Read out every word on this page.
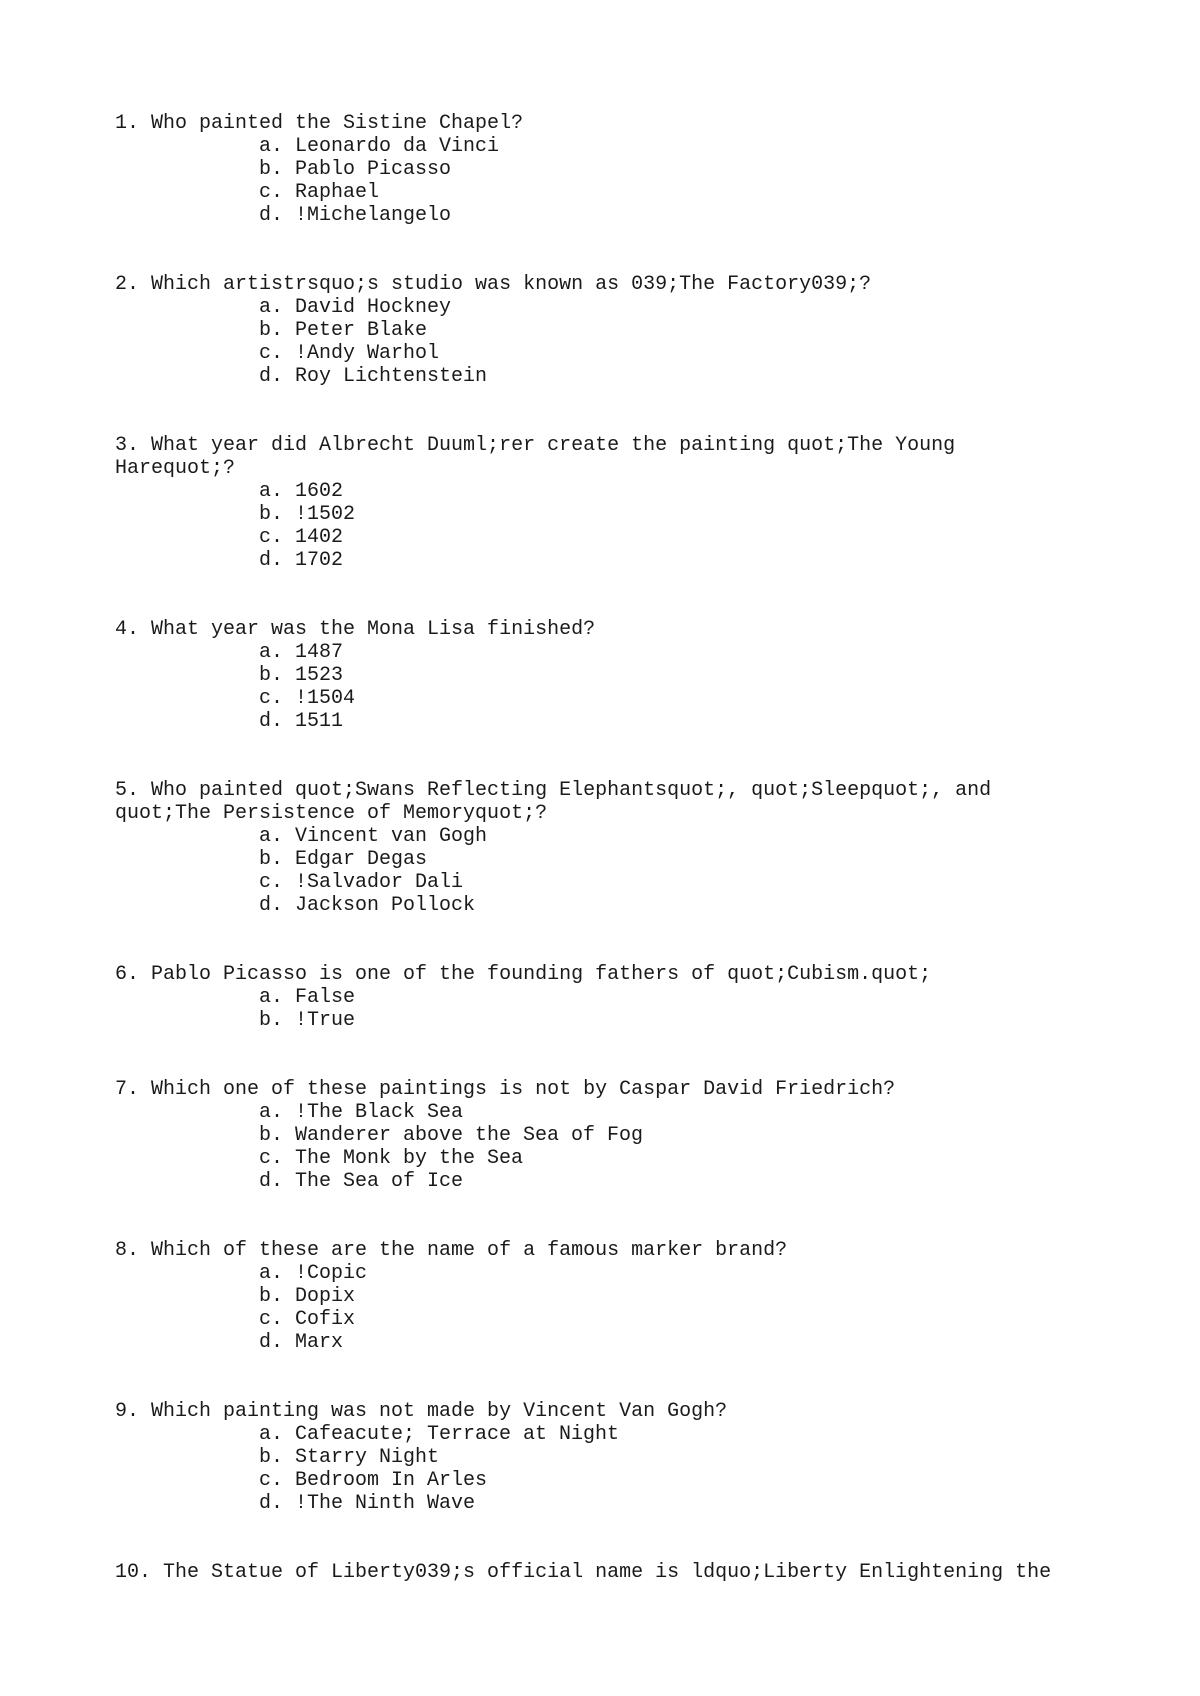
1. Who painted the Sistine Chapel?
a. Leonardo da Vinci
b. Pablo Picasso
c. Raphael
d. !Michelangelo
2. Which artistrsquo;s studio was known as 039;The Factory039;?
a. David Hockney
b. Peter Blake
c. !Andy Warhol
d. Roy Lichtenstein
3. What year did Albrecht Duuml;rer create the painting quot;The Young Harequot;?
a. 1602
b. !1502
c. 1402
d. 1702
4. What year was the Mona Lisa finished?
a. 1487
b. 1523
c. !1504
d. 1511
5. Who painted quot;Swans Reflecting Elephantsquot;, quot;Sleepquot;, and quot;The Persistence of Memoryquot;?
a. Vincent van Gogh
b. Edgar Degas
c. !Salvador Dali
d. Jackson Pollock
6. Pablo Picasso is one of the founding fathers of quot;Cubism.quot;
a. False
b. !True
7. Which one of these paintings is not by Caspar David Friedrich?
a. !The Black Sea
b. Wanderer above the Sea of Fog
c. The Monk by the Sea
d. The Sea of Ice
8. Which of these are the name of a famous marker brand?
a. !Copic
b. Dopix
c. Cofix
d. Marx
9. Which painting was not made by Vincent Van Gogh?
a. Cafeacute; Terrace at Night
b. Starry Night
c. Bedroom In Arles
d. !The Ninth Wave
10. The Statue of Liberty039;s official name is ldquo;Liberty Enlightening the
